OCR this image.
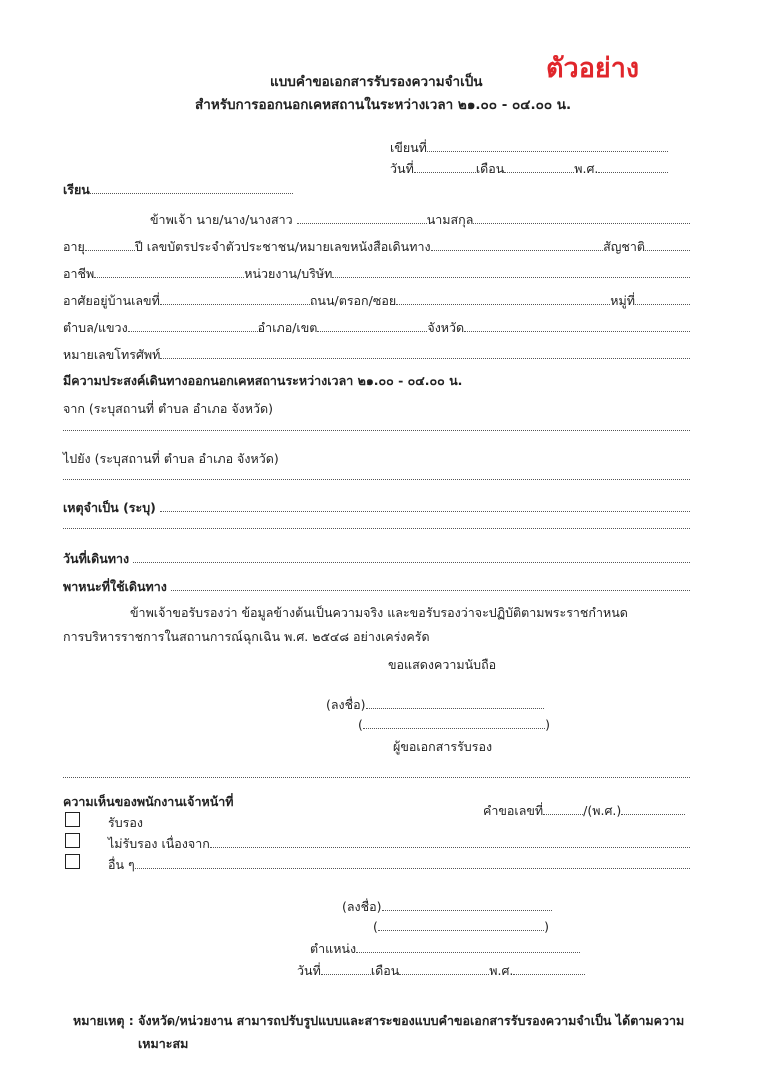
ตัวอย่าง
แบบคำขอเอกสารรับรองความจำเป็น
สำหรับการออกนอกเคหสถานในระหว่างเวลา ๒๑.๐๐ - ๐๔.๐๐ น.
เขียนที่
วันที่	เดือน	พ.ศ.
เรียน
ข้าพเจ้า นาย/นาง/นางสาว	นามสกุล
อายุ	ปี เลขบัตรประจำตัวประชาชน/หมายเลขหนังสือเดินทาง	สัญชาติ
อาชีพ	หน่วยงาน/บริษัท
อาศัยอยู่บ้านเลขที่	ถนน/ตรอก/ซอย	หมู่ที่
ตำบล/แขวง	อำเภอ/เขต	จังหวัด
หมายเลขโทรศัพท์
มีความประสงค์เดินทางออกนอกเคหสถานระหว่างเวลา ๒๑.๐๐ - ๐๔.๐๐ น.
จาก (ระบุสถานที่ ตำบล อำเภอ จังหวัด)
ไปยัง (ระบุสถานที่ ตำบล อำเภอ จังหวัด)
เหตุจำเป็น (ระบุ)
วันที่เดินทาง
พาหนะที่ใช้เดินทาง
ข้าพเจ้าขอรับรองว่า ข้อมูลข้างต้นเป็นความจริง และขอรับรองว่าจะปฏิบัติตามพระราชกำหนด
การบริหารราชการในสถานการณ์ฉุกเฉิน พ.ศ. ๒๕๔๘ อย่างเคร่งครัด
ขอแสดงความนับถือ
(ลงชื่อ)
(	)
ผู้ขอเอกสารรับรอง
ความเห็นของพนักงานเจ้าหน้าที่
คำขอเลขที่	/(พ.ศ.)
รับรอง
ไม่รับรอง เนื่องจาก
อื่น ๆ
(ลงชื่อ)
(	)
ตำแหน่ง
วันที่	เดือน	พ.ศ.
หมายเหตุ : จังหวัด/หน่วยงาน สามารถปรับรูปแบบและสาระของแบบคำขอเอกสารรับรองความจำเป็น ได้ตามความ
เหมาะสม
